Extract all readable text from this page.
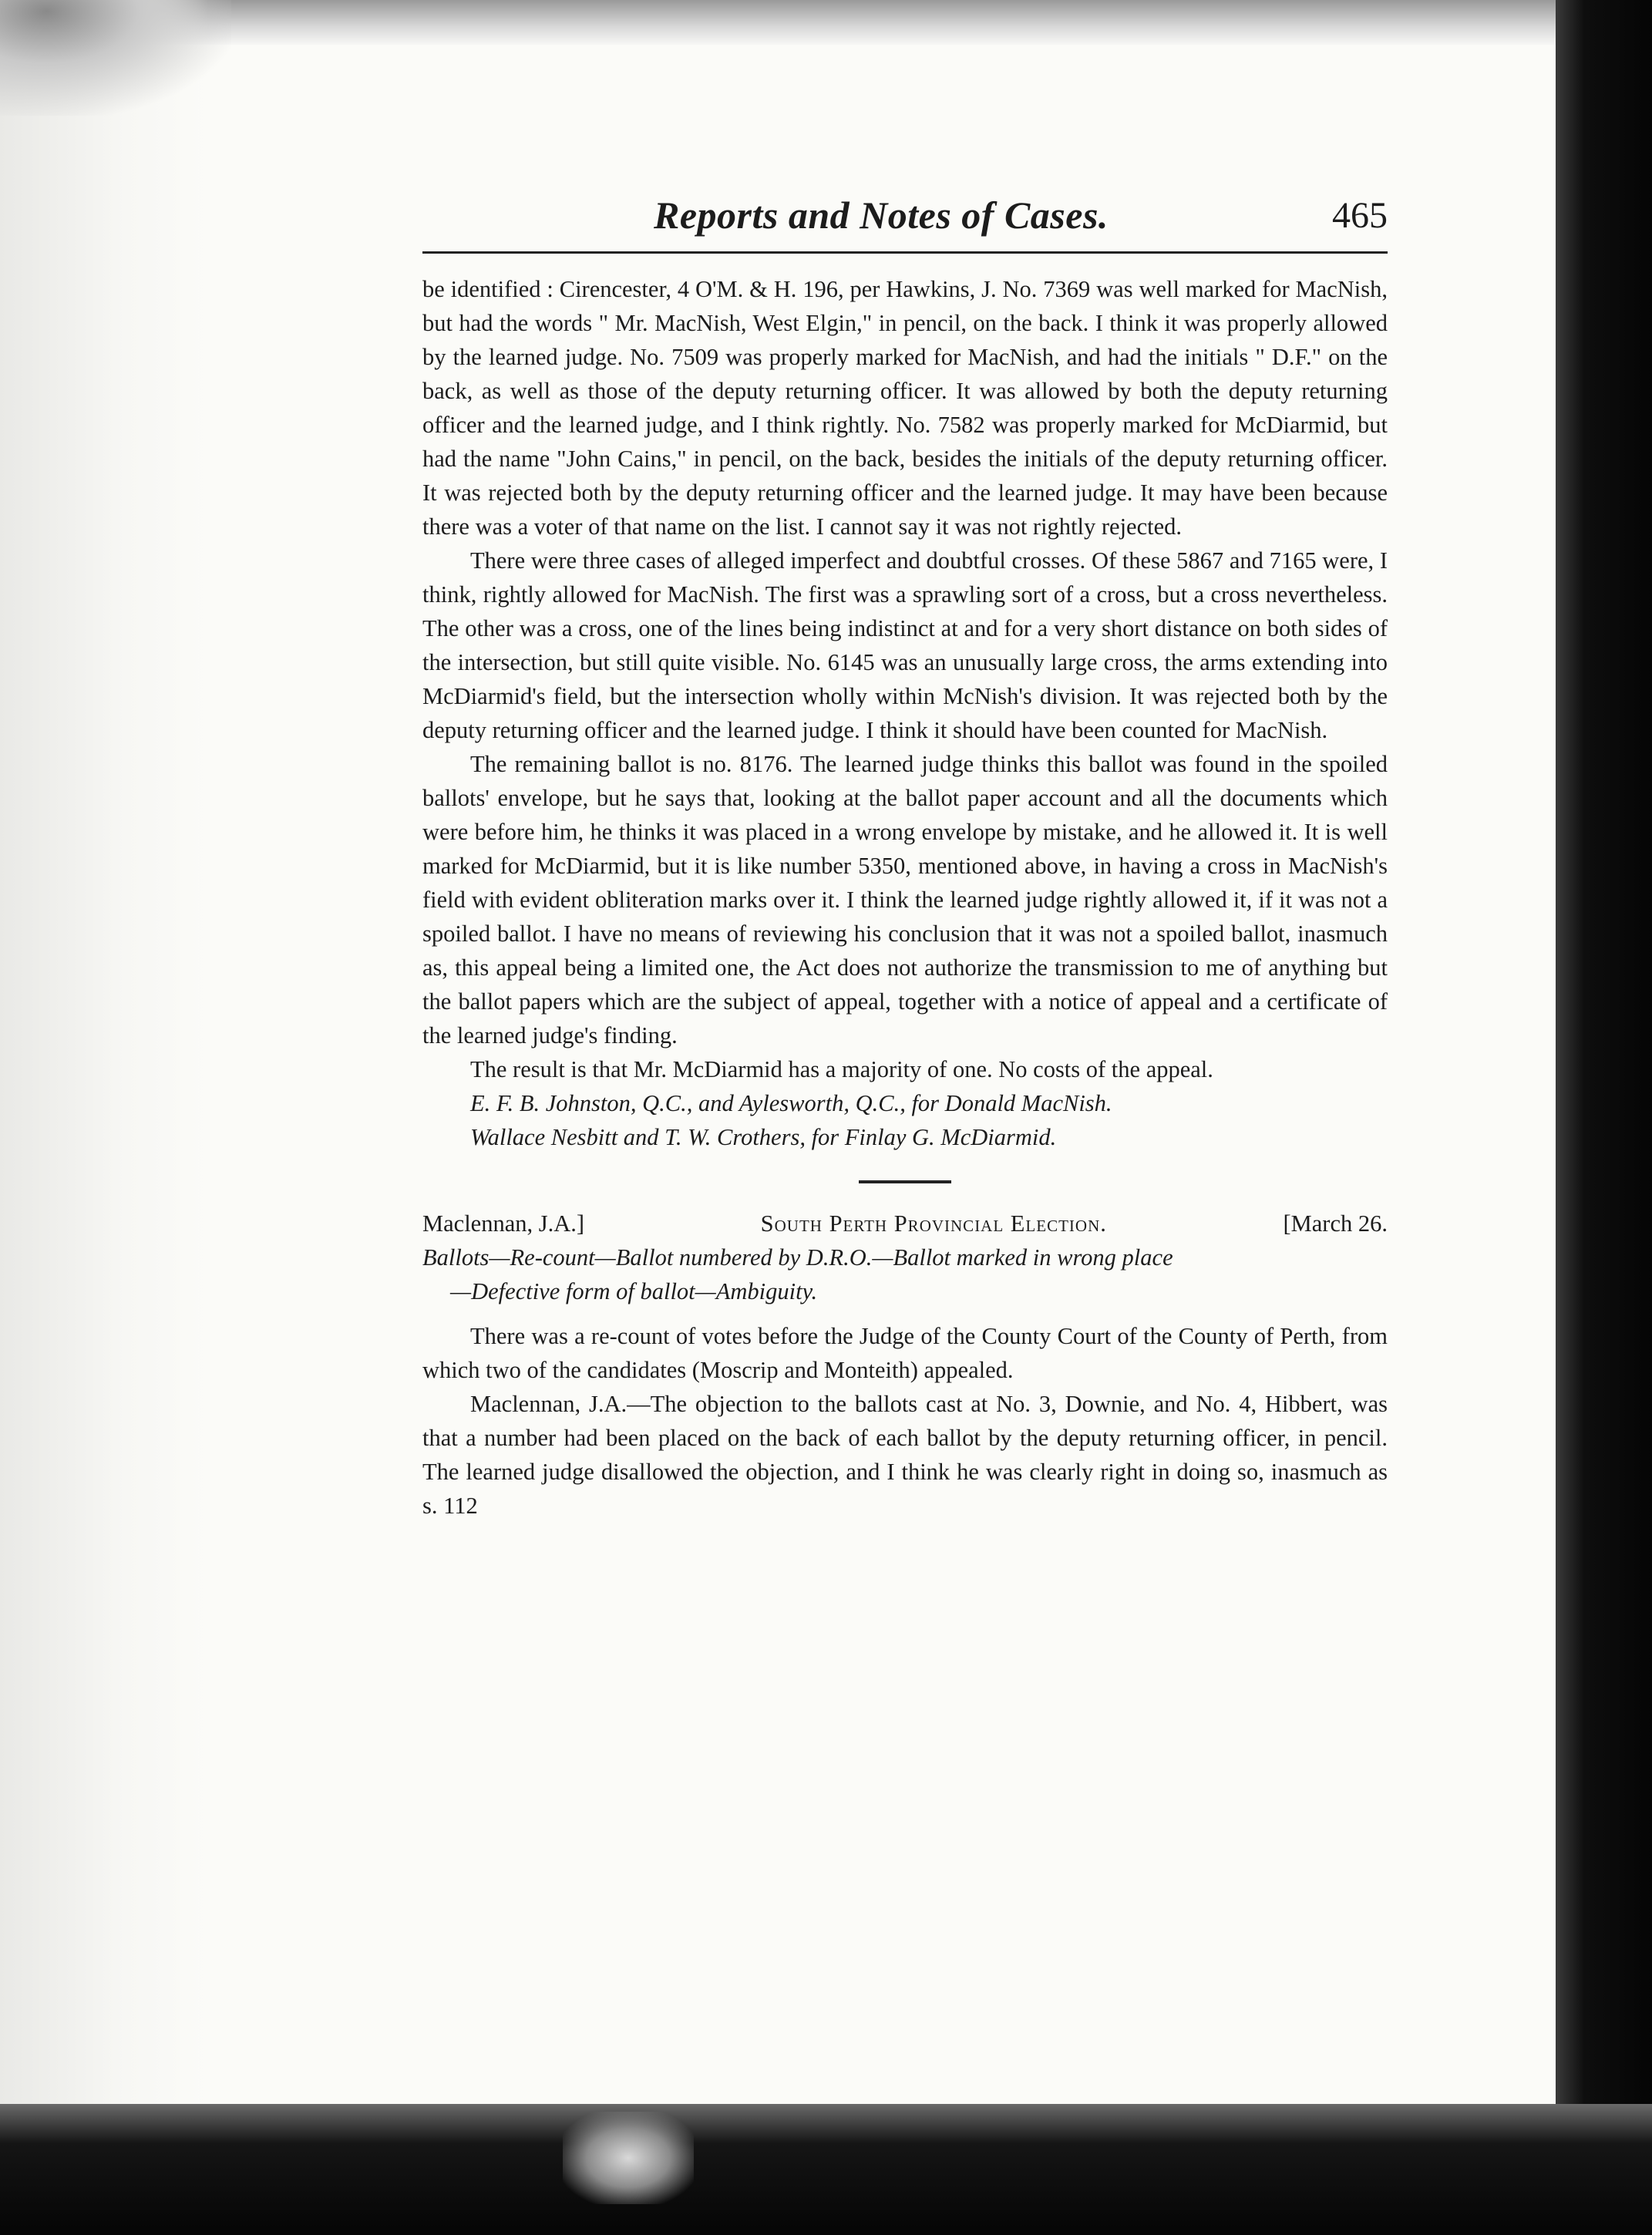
Reports and Notes of Cases.	465

be identified : Cirencester, 4 O'M. & H. 196, per Hawkins, J. No. 7369 was well marked for MacNish, but had the words " Mr. MacNish, West Elgin," in pencil, on the back. I think it was properly allowed by the learned judge. No. 7509 was properly marked for MacNish, and had the initials " D.F." on the back, as well as those of the deputy returning officer. It was allowed by both the deputy returning officer and the learned judge, and I think rightly. No. 7582 was properly marked for McDiarmid, but had the name "John Cains," in pencil, on the back, besides the initials of the deputy returning officer. It was rejected both by the deputy returning officer and the learned judge. It may have been because there was a voter of that name on the list. I cannot say it was not rightly rejected.

There were three cases of alleged imperfect and doubtful crosses. Of these 5867 and 7165 were, I think, rightly allowed for MacNish. The first was a sprawling sort of a cross, but a cross nevertheless. The other was a cross, one of the lines being indistinct at and for a very short distance on both sides of the intersection, but still quite visible. No. 6145 was an unusually large cross, the arms extending into McDiarmid's field, but the intersection wholly within McNish's division. It was rejected both by the deputy returning officer and the learned judge. I think it should have been counted for MacNish.

The remaining ballot is no. 8176. The learned judge thinks this ballot was found in the spoiled ballots' envelope, but he says that, looking at the ballot paper account and all the documents which were before him, he thinks it was placed in a wrong envelope by mistake, and he allowed it. It is well marked for McDiarmid, but it is like number 5350, mentioned above, in having a cross in MacNish's field with evident obliteration marks over it. I think the learned judge rightly allowed it, if it was not a spoiled ballot. I have no means of reviewing his conclusion that it was not a spoiled ballot, inasmuch as, this appeal being a limited one, the Act does not authorize the transmission to me of anything but the ballot papers which are the subject of appeal, together with a notice of appeal and a certificate of the learned judge's finding.

The result is that Mr. McDiarmid has a majority of one. No costs of the appeal.

E. F. B. Johnston, Q.C., and Aylesworth, Q.C., for Donald MacNish.

Wallace Nesbitt and T. W. Crothers, for Finlay G. McDiarmid.

Maclennan, J.A.]	South Perth Provincial Election.	[March 26.
Ballots—Re-count—Ballot numbered by D.R.O.—Ballot marked in wrong place
—Defective form of ballot—Ambiguity.

There was a re-count of votes before the Judge of the County Court of the County of Perth, from which two of the candidates (Moscrip and Monteith) appealed.

Maclennan, J.A.—The objection to the ballots cast at No. 3, Downie, and No. 4, Hibbert, was that a number had been placed on the back of each ballot by the deputy returning officer, in pencil. The learned judge disallowed the objection, and I think he was clearly right in doing so, inasmuch as s. 112
